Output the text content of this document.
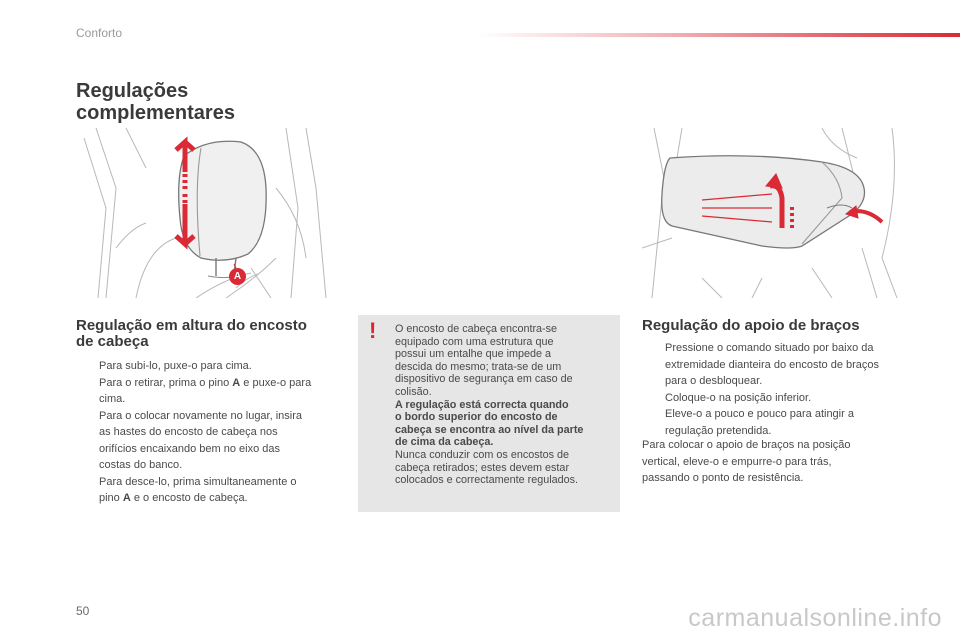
Conforto
Regulações
complementares
A
Regulação em altura do encosto
de cabeça
Para subi-lo, puxe-o para cima.
Para o retirar, prima o pino A e puxe-o para
cima.
Para o colocar novamente no lugar, insira
as hastes do encosto de cabeça nos
orifícios encaixando bem no eixo das
costas do banco.
Para desce-lo, prima simultaneamente o
pino A e o encosto de cabeça.
! O encosto de cabeça encontra-se
equipado com uma estrutura que
possui um entalhe que impede a
descida do mesmo; trata-se de um
dispositivo de segurança em caso de
colisão.

A regulação está correcta quando
o bordo superior do encosto de
cabeça se encontra ao nível da parte
de cima da cabeça.

Nunca conduzir com os encostos de
cabeça retirados; estes devem estar
colocados e correctamente regulados.

Regulação do apoio de braços
Pressione o comando situado por baixo da
extremidade dianteira do encosto de braços
para o desbloquear.
Coloque-o na posição inferior.
Eleve-o a pouco e pouco para atingir a
regulação pretendida.
Para colocar o apoio de braços na posição
vertical, eleve-o e empurre-o para trás,
passando o ponto de resistência.
50	carmanualsonline.info
